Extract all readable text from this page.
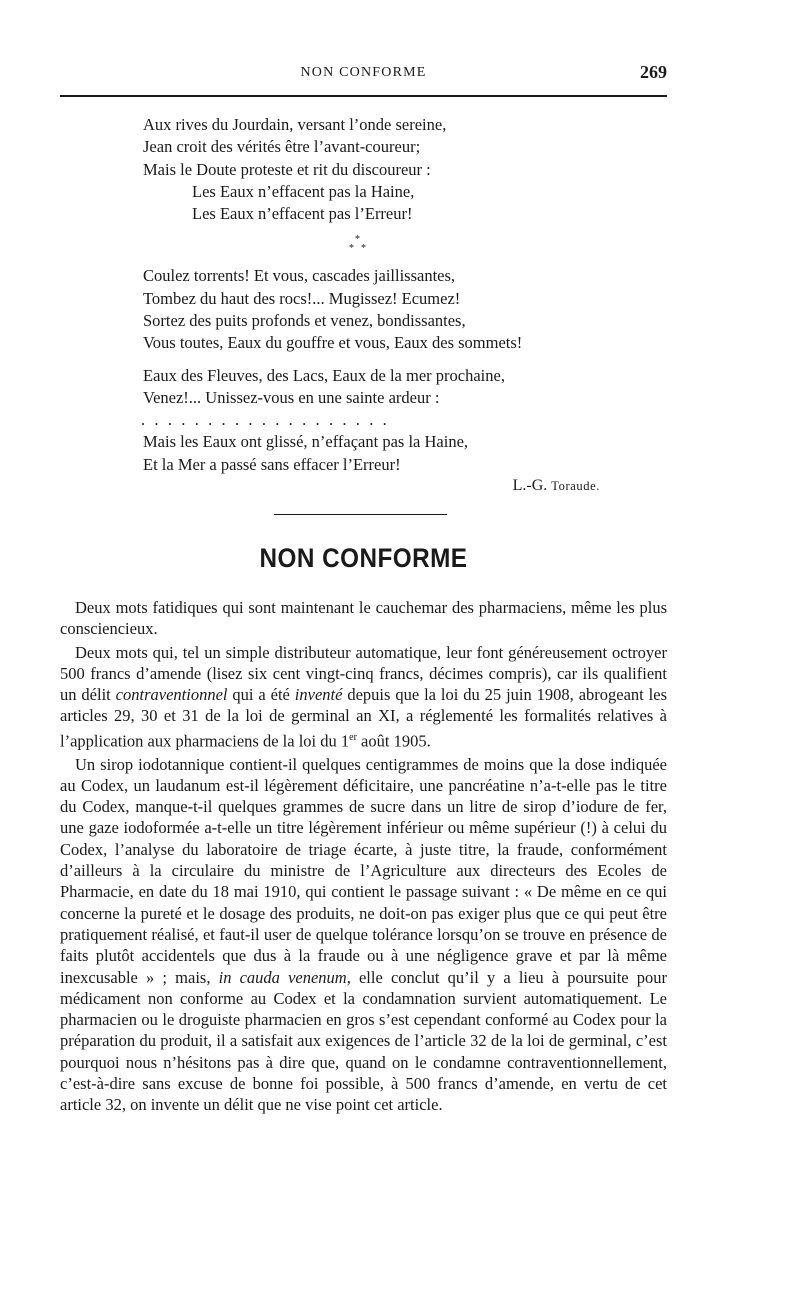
NON CONFORME	269
Aux rives du Jourdain, versant l’onde sereine,
Jean croit des vérités être l’avant-coureur;
Mais le Doute proteste et rit du discoureur :
Les Eaux n’effacent pas la Haine,
Les Eaux n’effacent pas l’Erreur!
*
* *
Coulez torrents! Et vous, cascades jaillissantes,
Tombez du haut des rocs!... Mugissez! Ecumez!
Sortez des puits profonds et venez, bondissantes,
Vous toutes, Eaux du gouffre et vous, Eaux des sommets!
Eaux des Fleuves, des Lacs, Eaux de la mer prochaine,
Venez!... Unissez-vous en une sainte ardeur :
...................
Mais les Eaux ont glissé, n’effaçant pas la Haine,
Et la Mer a passé sans effacer l’Erreur!
L.-G. Toraude.
NON CONFORME

Deux mots fatidiques qui sont maintenant le cauchemar des pharmaciens, même les plus consciencieux.

Deux mots qui, tel un simple distributeur automatique, leur font généreusement octroyer 500 francs d’amende (lisez six cent vingt-cinq francs, décimes compris), car ils qualifient un délit contraventionnel qui a été inventé depuis que la loi du 25 juin 1908, abrogeant les articles 29, 30 et 31 de la loi de germinal an XI, a réglementé les formalités relatives à l’application aux pharmaciens de la loi du 1er août 1905.

Un sirop iodotannique contient-il quelques centigrammes de moins que la dose indiquée au Codex, un laudanum est-il légèrement déficitaire, une pancréatine n’a-t-elle pas le titre du Codex, manque-t-il quelques grammes de sucre dans un litre de sirop d’iodure de fer, une gaze iodoformée a-t-elle un titre légèrement inférieur ou même supérieur (!) à celui du Codex, l’analyse du laboratoire de triage écarte, à juste titre, la fraude, conformément d’ailleurs à la circulaire du ministre de l’Agriculture aux directeurs des Ecoles de Pharmacie, en date du 18 mai 1910, qui contient le passage suivant : « De même en ce qui concerne la pureté et le dosage des produits, ne doit-on pas exiger plus que ce qui peut être pratiquement réalisé, et faut-il user de quelque tolérance lorsqu’on se trouve en présence de faits plutôt accidentels que dus à la fraude ou à une négligence grave et par là même inexcusable » ; mais, in cauda venenum, elle conclut qu’il y a lieu à poursuite pour médicament non conforme au Codex et la condamnation survient automatiquement. Le pharmacien ou le droguiste pharmacien en gros s’est cependant conformé au Codex pour la préparation du produit, il a satisfait aux exigences de l’article 32 de la loi de germinal, c’est pourquoi nous n’hésitons pas à dire que, quand on le condamne contraventionnellement, c’est-à-dire sans excuse de bonne foi possible, à 500 francs d’amende, en vertu de cet article 32, on invente un délit que ne vise point cet article.
